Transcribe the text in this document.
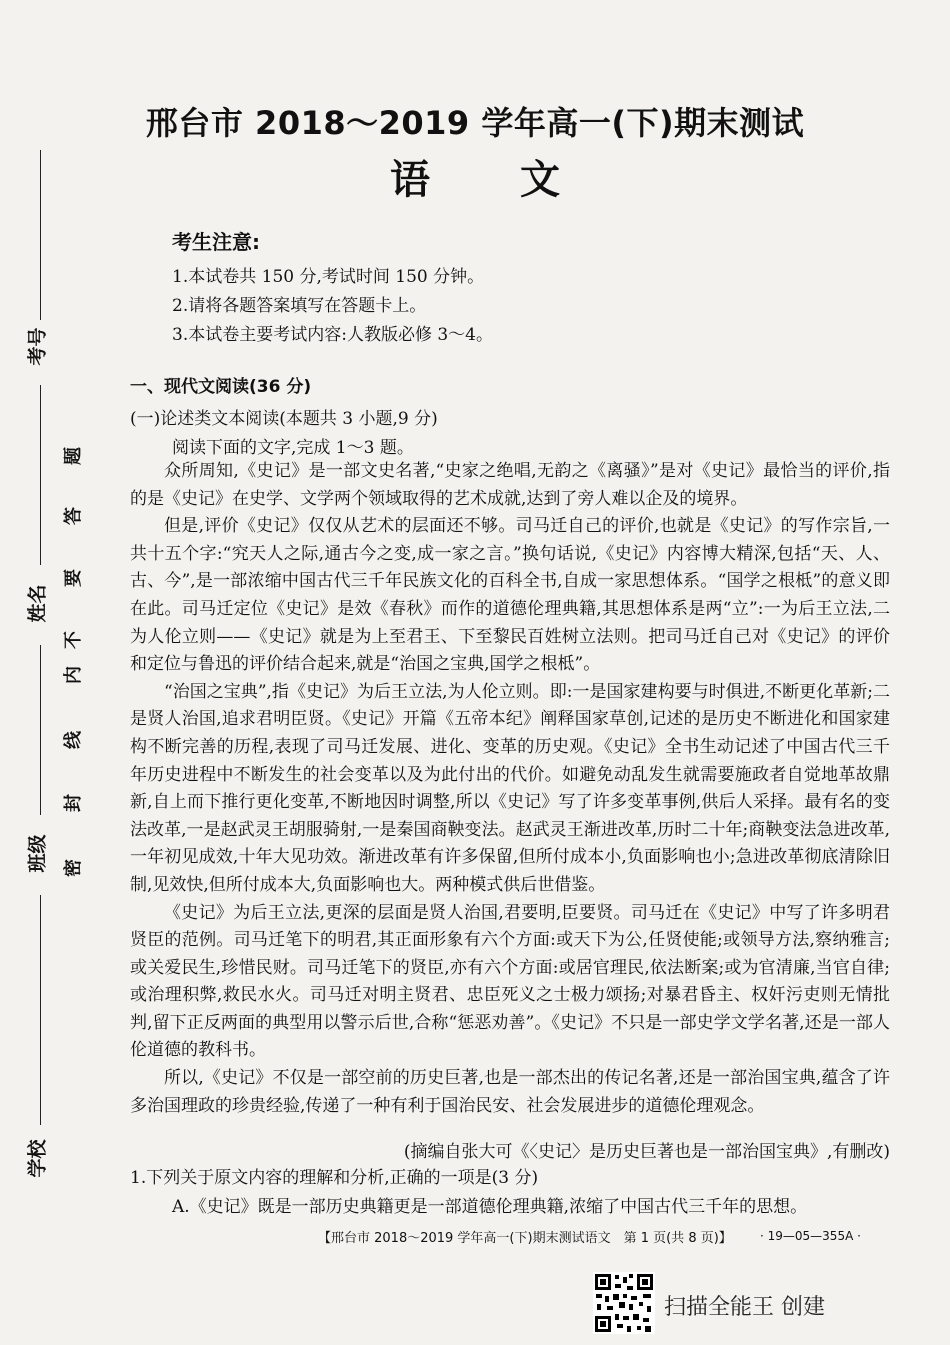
考号
姓名
班级
学校
密
封
线
内
不
要
答
题
邢台市 2018～2019 学年高一(下)期末测试
语文
考生注意:
1.本试卷共 150 分,考试时间 150 分钟。
2.请将各题答案填写在答题卡上。
3.本试卷主要考试内容:人教版必修 3～4。
一、现代文阅读(36 分)
(一)论述类文本阅读(本题共 3 小题,9 分)
阅读下面的文字,完成 1～3 题。

众所周知,《史记》是一部文史名著,“史家之绝唱,无韵之《离骚》”是对《史记》最恰当的评价,指的是《史记》在史学、文学两个领域取得的艺术成就,达到了旁人难以企及的境界。

但是,评价《史记》仅仅从艺术的层面还不够。司马迁自己的评价,也就是《史记》的写作宗旨,一共十五个字:“究天人之际,通古今之变,成一家之言。”换句话说,《史记》内容博大精深,包括“天、人、古、今”,是一部浓缩中国古代三千年民族文化的百科全书,自成一家思想体系。“国学之根柢”的意义即在此。司马迁定位《史记》是效《春秋》而作的道德伦理典籍,其思想体系是两“立”:一为后王立法,二为人伦立则——《史记》就是为上至君王、下至黎民百姓树立法则。把司马迁自己对《史记》的评价和定位与鲁迅的评价结合起来,就是“治国之宝典,国学之根柢”。

“治国之宝典”,指《史记》为后王立法,为人伦立则。即:一是国家建构要与时俱进,不断更化革新;二是贤人治国,追求君明臣贤。《史记》开篇《五帝本纪》阐释国家草创,记述的是历史不断进化和国家建构不断完善的历程,表现了司马迁发展、进化、变革的历史观。《史记》全书生动记述了中国古代三千年历史进程中不断发生的社会变革以及为此付出的代价。如避免动乱发生就需要施政者自觉地革故鼎新,自上而下推行更化变革,不断地因时调整,所以《史记》写了许多变革事例,供后人采择。最有名的变法改革,一是赵武灵王胡服骑射,一是秦国商鞅变法。赵武灵王渐进改革,历时二十年;商鞅变法急进改革,一年初见成效,十年大见功效。渐进改革有许多保留,但所付成本小,负面影响也小;急进改革彻底清除旧制,见效快,但所付成本大,负面影响也大。两种模式供后世借鉴。

《史记》为后王立法,更深的层面是贤人治国,君要明,臣要贤。司马迁在《史记》中写了许多明君贤臣的范例。司马迁笔下的明君,其正面形象有六个方面:或天下为公,任贤使能;或领导方法,察纳雅言;或关爱民生,珍惜民财。司马迁笔下的贤臣,亦有六个方面:或居官理民,依法断案;或为官清廉,当官自律;或治理积弊,救民水火。司马迁对明主贤君、忠臣死义之士极力颂扬;对暴君昏主、权奸污吏则无情批判,留下正反两面的典型用以警示后世,合称“惩恶劝善”。《史记》不只是一部史学文学名著,还是一部人伦道德的教科书。

所以,《史记》不仅是一部空前的历史巨著,也是一部杰出的传记名著,还是一部治国宝典,蕴含了许多治国理政的珍贵经验,传递了一种有利于国治民安、社会发展进步的道德伦理观念。

(摘编自张大可《〈史记〉是历史巨著也是一部治国宝典》,有删改)
1.下列关于原文内容的理解和分析,正确的一项是(3 分)
A.《史记》既是一部历史典籍更是一部道德伦理典籍,浓缩了中国古代三千年的思想。
【邢台市 2018～2019 学年高一(下)期末测试语文　第 1 页(共 8 页)】 · 19—05—355A ·
扫描全能王 创建
